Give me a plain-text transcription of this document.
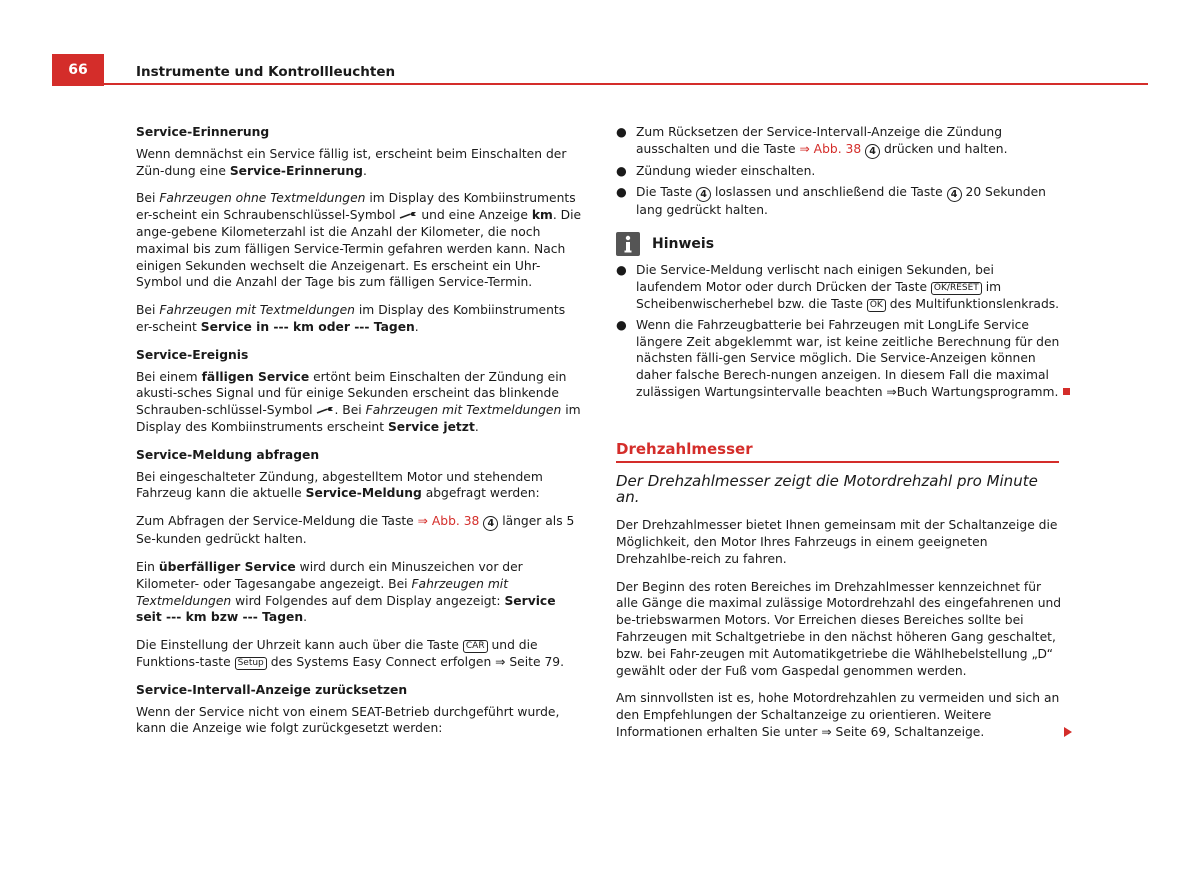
66	Instrumente und Kontrollleuchten

Service-Erinnerung

Wenn demnächst ein Service fällig ist, erscheint beim Einschalten der Zün-dung eine Service-Erinnerung.

Bei Fahrzeugen ohne Textmeldungen im Display des Kombiinstruments er-scheint ein Schraubenschlüssel-Symbol  und eine Anzeige km. Die ange-gebene Kilometerzahl ist die Anzahl der Kilometer, die noch maximal bis zum fälligen Service-Termin gefahren werden kann. Nach einigen Sekunden wechselt die Anzeigenart. Es erscheint ein Uhr-Symbol und die Anzahl der Tage bis zum fälligen Service-Termin.

Bei Fahrzeugen mit Textmeldungen im Display des Kombiinstruments er-scheint Service in --- km oder --- Tagen.

Service-Ereignis

Bei einem fälligen Service ertönt beim Einschalten der Zündung ein akusti-sches Signal und für einige Sekunden erscheint das blinkende Schrauben-schlüssel-Symbol . Bei Fahrzeugen mit Textmeldungen im Display des Kombiinstruments erscheint Service jetzt.

Service-Meldung abfragen

Bei eingeschalteter Zündung, abgestelltem Motor und stehendem Fahrzeug kann die aktuelle Service-Meldung abgefragt werden:

Zum Abfragen der Service-Meldung die Taste ⇒ Abb. 38 4 länger als 5 Se-kunden gedrückt halten.

Ein überfälliger Service wird durch ein Minuszeichen vor der Kilometer- oder Tagesangabe angezeigt. Bei Fahrzeugen mit Textmeldungen wird Folgendes auf dem Display angezeigt: Service seit --- km bzw --- Tagen.

Die Einstellung der Uhrzeit kann auch über die Taste CAR und die Funktions-taste Setup des Systems Easy Connect erfolgen ⇒ Seite 79.

Service-Intervall-Anzeige zurücksetzen

Wenn der Service nicht von einem SEAT-Betrieb durchgeführt wurde, kann die Anzeige wie folgt zurückgesetzt werden:

● Zum Rücksetzen der Service-Intervall-Anzeige die Zündung ausschalten und die Taste ⇒ Abb. 38 4 drücken und halten.
● Zündung wieder einschalten.
● Die Taste 4 loslassen und anschließend die Taste 4 20 Sekunden lang gedrückt halten.
Hinweis
● Die Service-Meldung verlischt nach einigen Sekunden, bei laufendem Motor oder durch Drücken der Taste OK/RESET im Scheibenwischerhebel bzw. die Taste OK des Multifunktionslenkrads.
● Wenn die Fahrzeugbatterie bei Fahrzeugen mit LongLife Service längere Zeit abgeklemmt war, ist keine zeitliche Berechnung für den nächsten fälli-gen Service möglich. Die Service-Anzeigen können daher falsche Berech-nungen anzeigen. In diesem Fall die maximal zulässigen Wartungsintervalle beachten ⇒Buch Wartungsprogramm.
Drehzahlmesser

Der Drehzahlmesser zeigt die Motordrehzahl pro Minute an.

Der Drehzahlmesser bietet Ihnen gemeinsam mit der Schaltanzeige die Möglichkeit, den Motor Ihres Fahrzeugs in einem geeigneten Drehzahlbe-reich zu fahren.

Der Beginn des roten Bereiches im Drehzahlmesser kennzeichnet für alle Gänge die maximal zulässige Motordrehzahl des eingefahrenen und be-triebswarmen Motors. Vor Erreichen dieses Bereiches sollte bei Fahrzeugen mit Schaltgetriebe in den nächst höheren Gang geschaltet, bzw. bei Fahr-zeugen mit Automatikgetriebe die Wählhebelstellung „D“ gewählt oder der Fuß vom Gaspedal genommen werden.

Am sinnvollsten ist es, hohe Motordrehzahlen zu vermeiden und sich an den Empfehlungen der Schaltanzeige zu orientieren. Weitere Informationen erhalten Sie unter ⇒ Seite 69, Schaltanzeige.
